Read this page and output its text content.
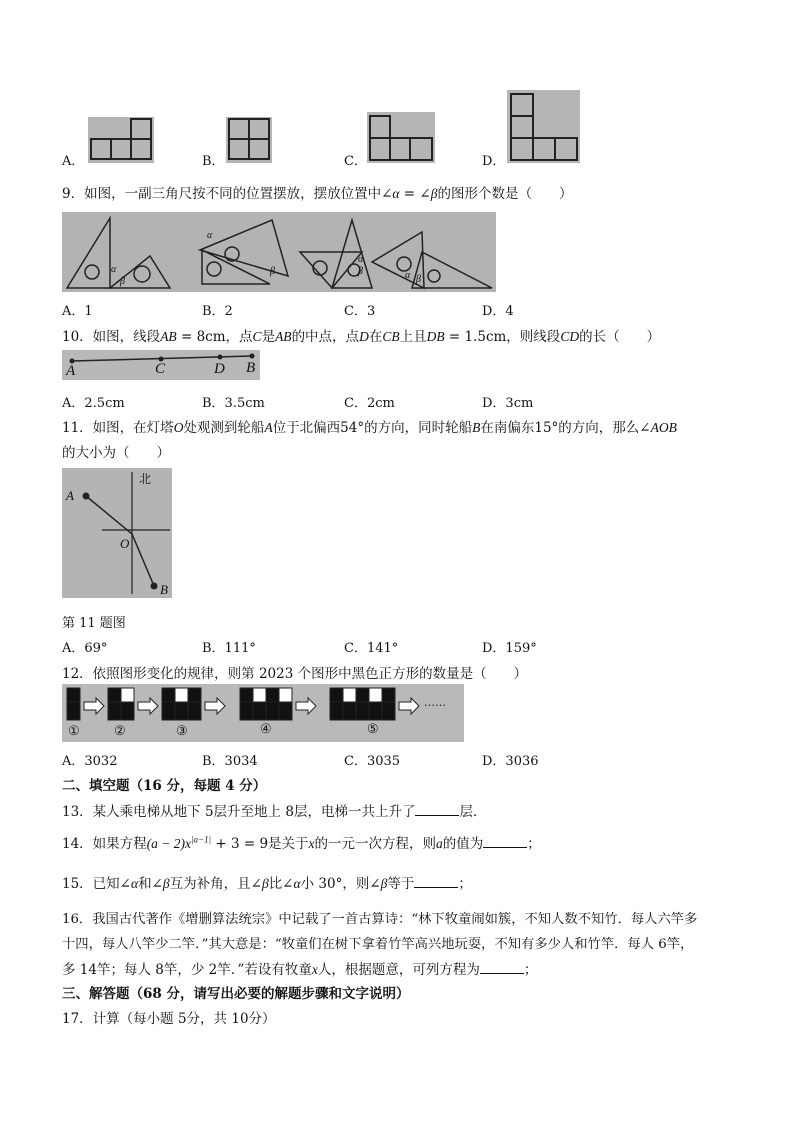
A．	B．	C．	D．
9．如图，一副三角尺按不同的位置摆放，摆放位置中∠α = ∠β的图形个数是（　　）
α
β
α
β
α
β	α β
A．1	B．2	C．3	D．4
10．如图，线段AB = 8cm，点C是AB的中点，点D在CB上且DB = 1.5cm，则线段CD的长（　　）
A	C	D B
A．2.5cm	B．3.5cm	C．2cm	D．3cm
11．如图，在灯塔O处观测到轮船A位于北偏西54°的方向，同时轮船B在南偏东15°的方向，那么∠AOB
的大小为（　　）
北
A
O
B
第 11 题图
A．69°	B．111°	C．141°	D．159°
12．依照图形变化的规律，则第 2023 个图形中黑色正方形的数量是（　　）
①	②	③	④	⑤
……
A．3032	B．3034	C．3035	D．3036
二、填空题（16 分，每题 4 分）
13．某人乘电梯从地下 5层升至地上 8层，电梯一共上升了	层．
14．如果方程$(a - 2)x^{|a-1|} + 3 = 9$是关于x的一元一次方程，则a的值为	；
15．已知∠α和∠β互为补角，且∠β比∠α小 30°，则∠β等于	；
16．我国古代著作《增删算法统宗》中记载了一首古算诗：“林下牧童闹如簇，不知人数不知竹．每人六竿多
十四，每人八竿少二竿．”其大意是：“牧童们在树下拿着竹竿高兴地玩耍，不知有多少人和竹竿．每人 6竿，
多 14竿；每人 8竿，少 2竿．”若设有牧童x人，根据题意，可列方程为	；
三、解答题（68 分，请写出必要的解题步骤和文字说明）
17．计算（每小题 5分，共 10分）
